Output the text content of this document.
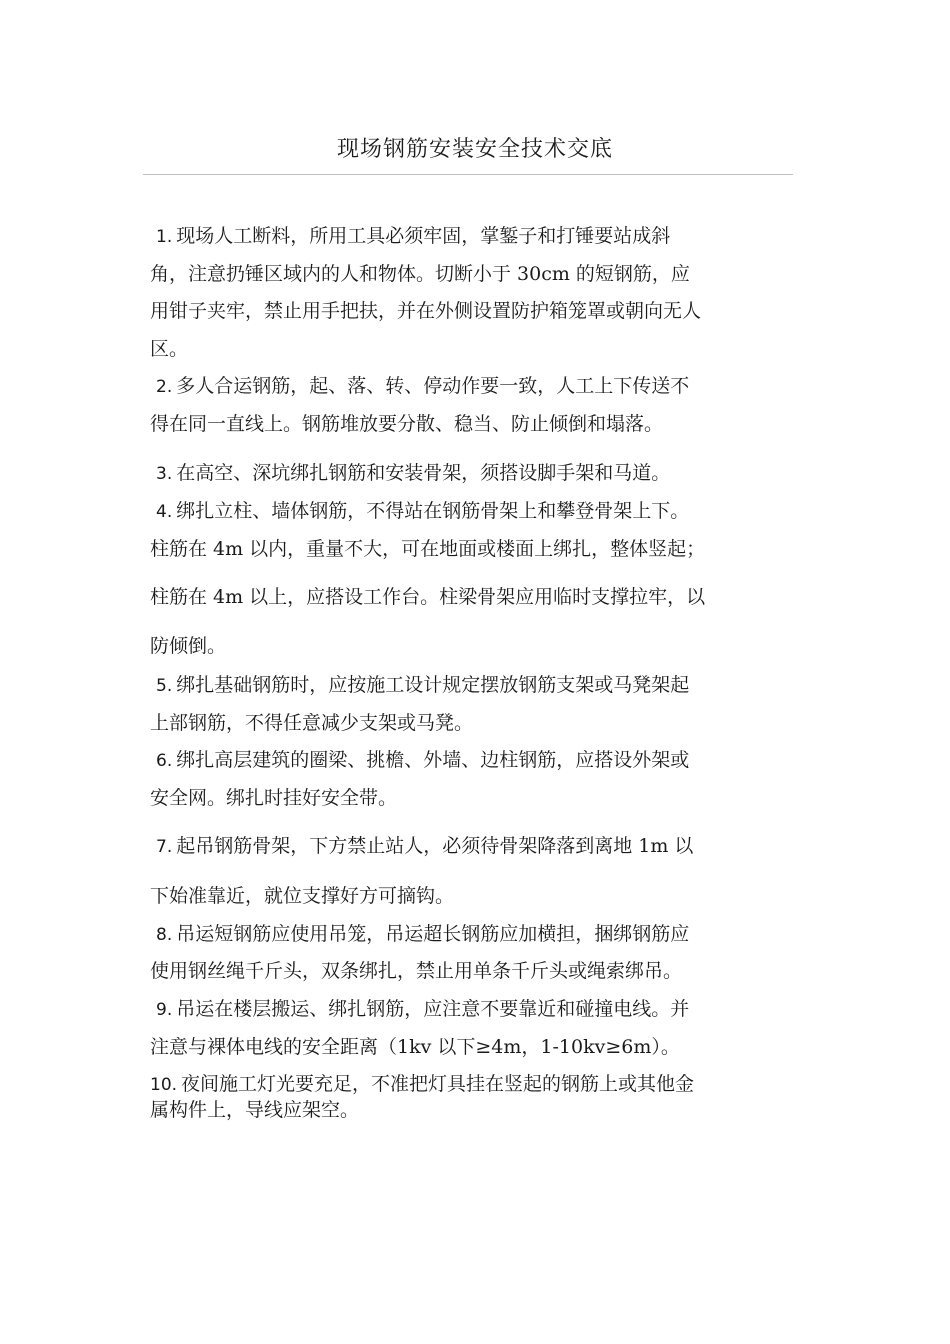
现场钢筋安装安全技术交底
1. 现场人工断料，所用工具必须牢固，掌錾子和打锤要站成斜
角，注意扔锤区域内的人和物体。切断小于 30cm 的短钢筋，应
用钳子夹牢，禁止用手把扶，并在外侧设置防护箱笼罩或朝向无人
区。
2. 多人合运钢筋，起、落、转、停动作要一致，人工上下传送不
得在同一直线上。钢筋堆放要分散、稳当、防止倾倒和塌落。
3. 在高空、深坑绑扎钢筋和安装骨架，须搭设脚手架和马道。
4. 绑扎立柱、墙体钢筋，不得站在钢筋骨架上和攀登骨架上下。
柱筋在 4m 以内，重量不大，可在地面或楼面上绑扎，整体竖起；
柱筋在 4m 以上，应搭设工作台。柱梁骨架应用临时支撑拉牢，以
防倾倒。
5. 绑扎基础钢筋时，应按施工设计规定摆放钢筋支架或马凳架起
上部钢筋，不得任意减少支架或马凳。
6. 绑扎高层建筑的圈梁、挑檐、外墙、边柱钢筋，应搭设外架或
安全网。绑扎时挂好安全带。
7. 起吊钢筋骨架，下方禁止站人，必须待骨架降落到离地 1m 以
下始准靠近，就位支撑好方可摘钩。
8. 吊运短钢筋应使用吊笼，吊运超长钢筋应加横担，捆绑钢筋应
使用钢丝绳千斤头，双条绑扎，禁止用单条千斤头或绳索绑吊。
9. 吊运在楼层搬运、绑扎钢筋，应注意不要靠近和碰撞电线。并
注意与裸体电线的安全距离（1kv 以下≥4m，1-10kv≥6m）。
10. 夜间施工灯光要充足，不准把灯具挂在竖起的钢筋上或其他金
属构件上，导线应架空。
